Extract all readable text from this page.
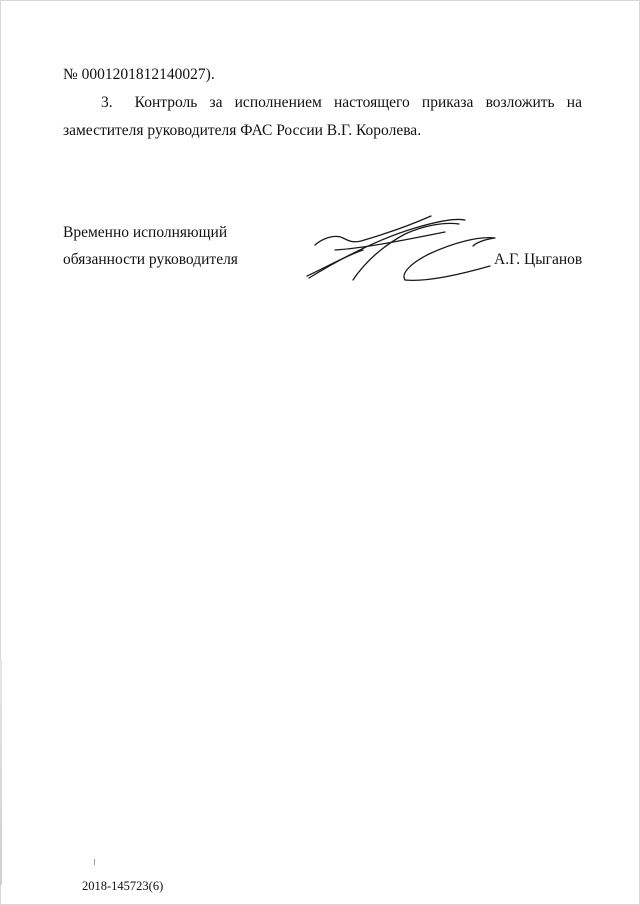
№ 0001201812140027).
3. Контроль за исполнением настоящего приказа возложить на
заместителя руководителя ФАС России В.Г. Королева.
Временно исполняющий
обязанности руководителя	А.Г. Цыганов
2018-145723(6)
